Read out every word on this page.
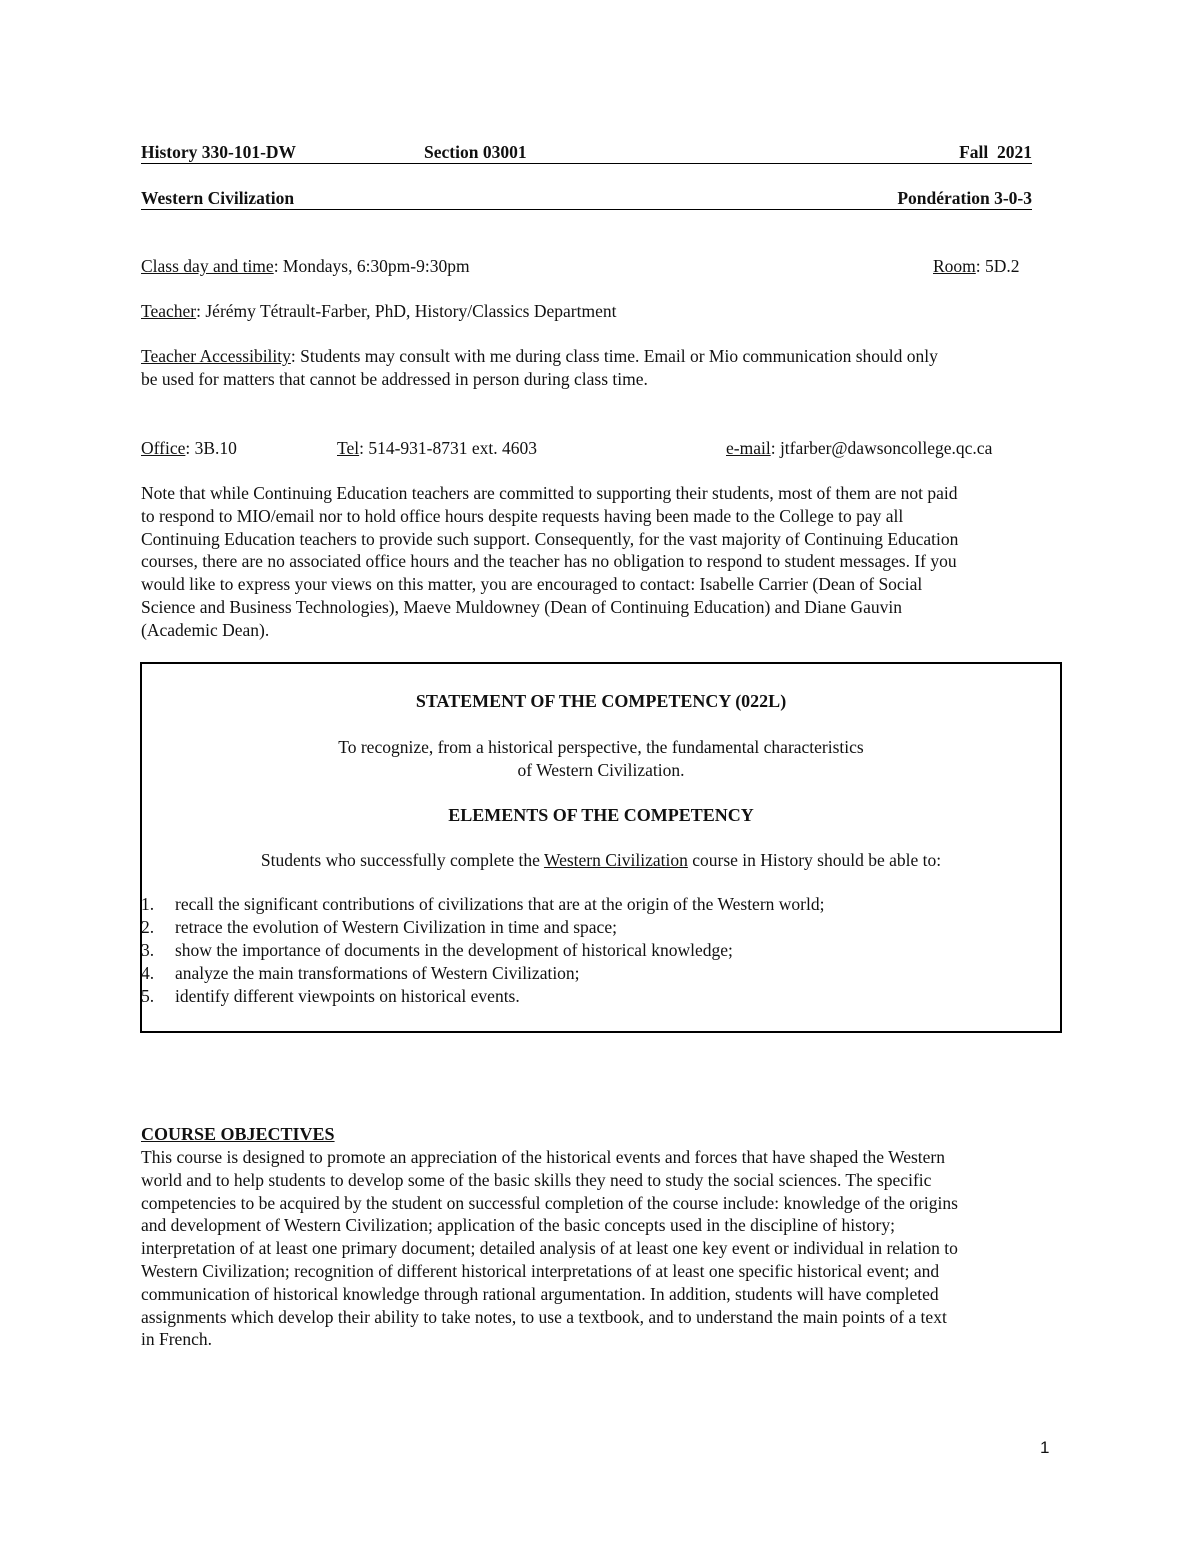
History 330-101-DW	Section 03001	Fall  2021
Western Civilization	Pondération 3-0-3
Class day and time: Mondays, 6:30pm-9:30pm	Room: 5D.2
Teacher: Jérémy Tétrault-Farber, PhD, History/Classics Department
Teacher Accessibility: Students may consult with me during class time. Email or Mio communication should only
be used for matters that cannot be addressed in person during class time.
Office: 3B.10	Tel: 514-931-8731 ext. 4603	e-mail: jtfarber@dawsoncollege.qc.ca
Note that while Continuing Education teachers are committed to supporting their students, most of them are not paid
to respond to MIO/email nor to hold office hours despite requests having been made to the College to pay all
Continuing Education teachers to provide such support. Consequently, for the vast majority of Continuing Education
courses, there are no associated office hours and the teacher has no obligation to respond to student messages. If you
would like to express your views on this matter, you are encouraged to contact: Isabelle Carrier (Dean of Social
Science and Business Technologies), Maeve Muldowney (Dean of Continuing Education) and Diane Gauvin
(Academic Dean).
STATEMENT OF THE COMPETENCY (022L)
To recognize, from a historical perspective, the fundamental characteristics
of Western Civilization.
ELEMENTS OF THE COMPETENCY
Students who successfully complete the Western Civilization course in History should be able to:
1. recall the significant contributions of civilizations that are at the origin of the Western world;
2. retrace the evolution of Western Civilization in time and space;
3. show the importance of documents in the development of historical knowledge;
4. analyze the main transformations of Western Civilization;
5. identify different viewpoints on historical events.
COURSE OBJECTIVES
This course is designed to promote an appreciation of the historical events and forces that have shaped the Western
world and to help students to develop some of the basic skills they need to study the social sciences. The specific
competencies to be acquired by the student on successful completion of the course include: knowledge of the origins
and development of Western Civilization; application of the basic concepts used in the discipline of history;
interpretation of at least one primary document; detailed analysis of at least one key event or individual in relation to
Western Civilization; recognition of different historical interpretations of at least one specific historical event; and
communication of historical knowledge through rational argumentation. In addition, students will have completed
assignments which develop their ability to take notes, to use a textbook, and to understand the main points of a text
in French.
1
